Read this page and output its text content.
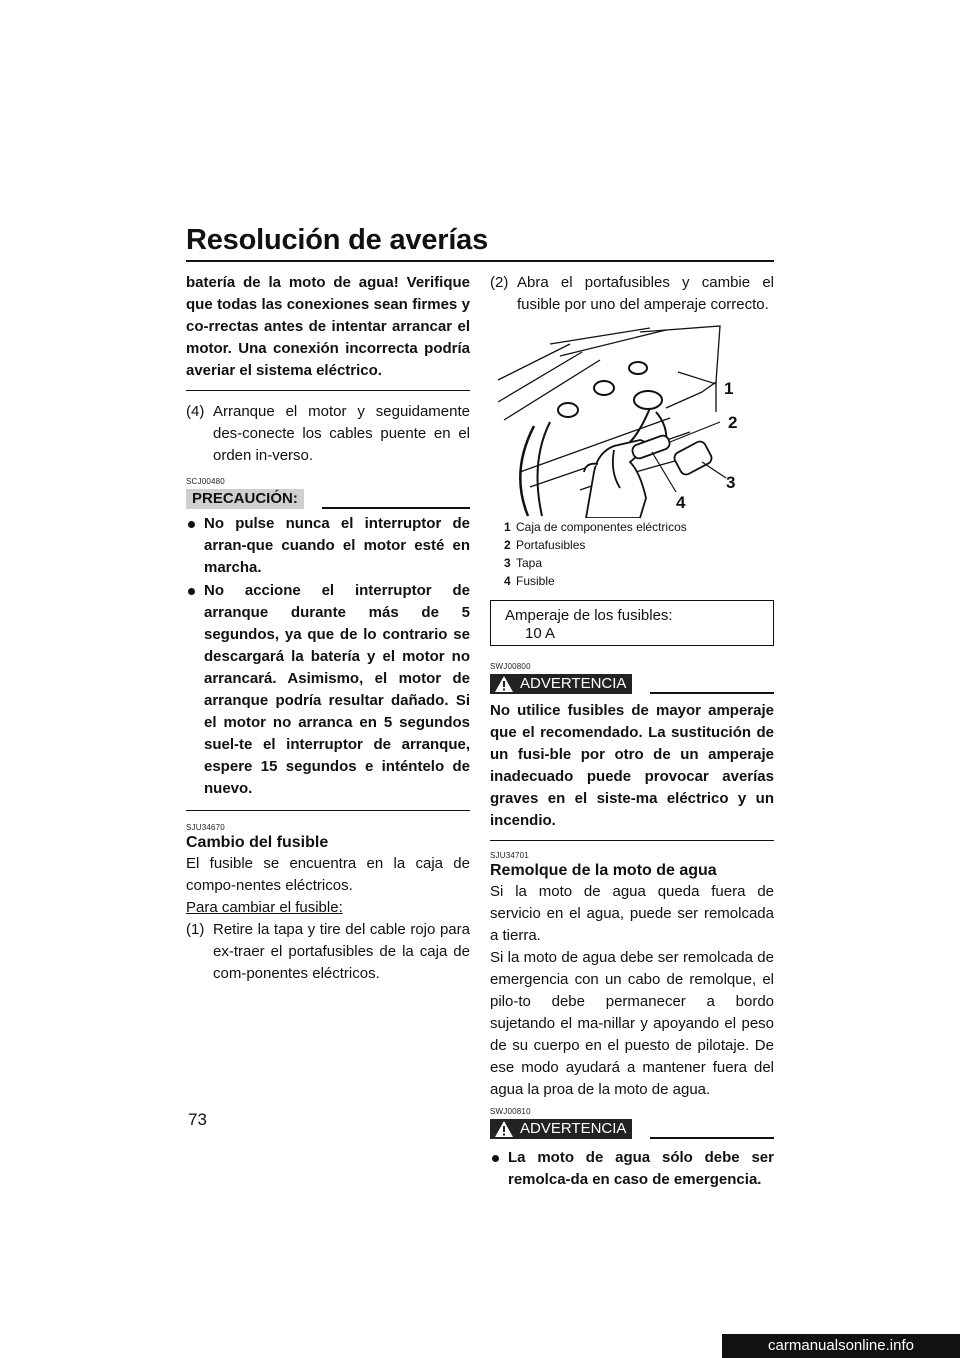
Resolución de averías
batería de la moto de agua! Verifique que todas las conexiones sean firmes y co-rrectas antes de intentar arrancar el motor. Una conexión incorrecta podría averiar el sistema eléctrico.
(4) Arranque el motor y seguidamente des-conecte los cables puente en el orden in-verso.
SCJ00480
PRECAUCIÓN:
No pulse nunca el interruptor de arran-que cuando el motor esté en marcha.
No accione el interruptor de arranque durante más de 5 segundos, ya que de lo contrario se descargará la batería y el motor no arrancará. Asimismo, el motor de arranque podría resultar dañado. Si el motor no arranca en 5 segundos suel-te el interruptor de arranque, espere 15 segundos e inténtelo de nuevo.
SJU34670
Cambio del fusible
El fusible se encuentra en la caja de compo-nentes eléctricos.
Para cambiar el fusible:
(1) Retire la tapa y tire del cable rojo para ex-traer el portafusibles de la caja de com-ponentes eléctricos.
(2) Abra el portafusibles y cambie el fusible por uno del amperaje correcto.
1
2
3
4
1 Caja de componentes eléctricos
2 Portafusibles
3 Tapa
4 Fusible
Amperaje de los fusibles:
10 A
SWJ00800
ADVERTENCIA
No utilice fusibles de mayor amperaje que el recomendado. La sustitución de un fusi-ble por otro de un amperaje inadecuado puede provocar averías graves en el siste-ma eléctrico y un incendio.
SJU34701
Remolque de la moto de agua
Si la moto de agua queda fuera de servicio en el agua, puede ser remolcada a tierra.
Si la moto de agua debe ser remolcada de emergencia con un cabo de remolque, el pilo-to debe permanecer a bordo sujetando el ma-nillar y apoyando el peso de su cuerpo en el puesto de pilotaje. De ese modo ayudará a mantener fuera del agua la proa de la moto de agua.
SWJ00810
ADVERTENCIA
La moto de agua sólo debe ser remolca-da en caso de emergencia.
73
carmanualsonline.info
